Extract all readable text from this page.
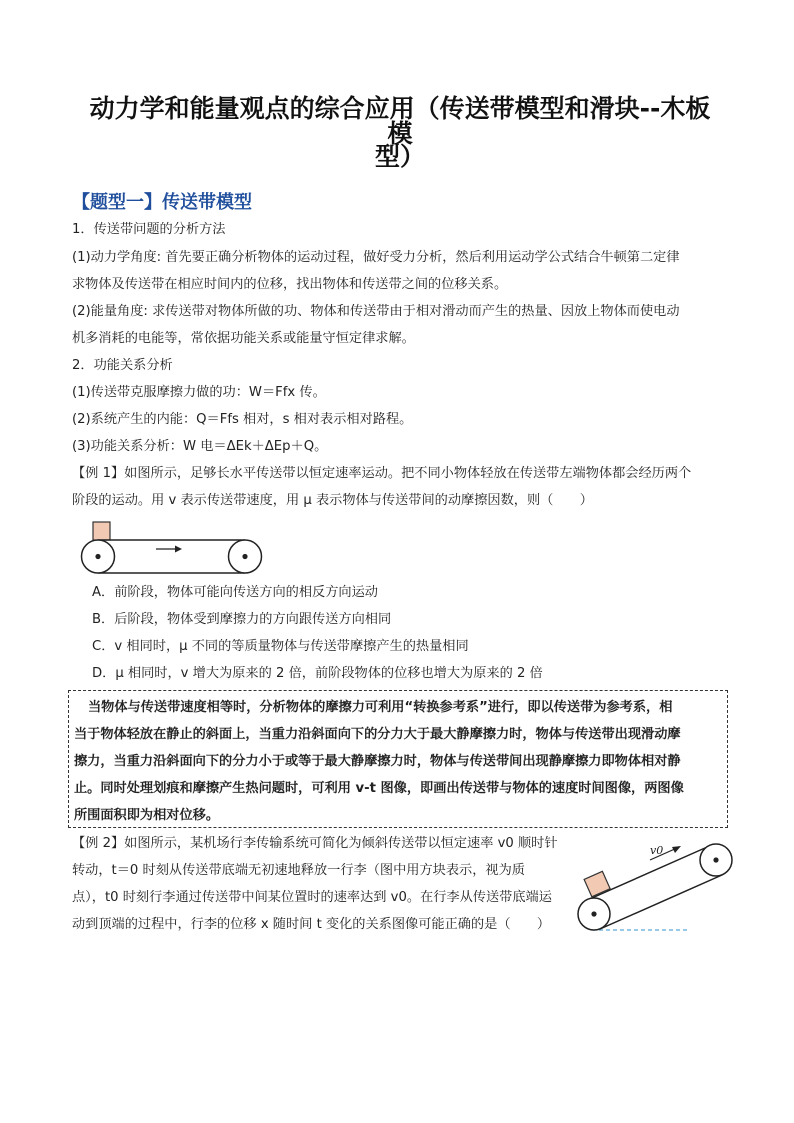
动力学和能量观点的综合应用（传送带模型和滑块--木板模
型）
【题型一】传送带模型
1．传送带问题的分析方法
(1)动力学角度: 首先要正确分析物体的运动过程，做好受力分析，然后利用运动学公式结合牛顿第二定律
求物体及传送带在相应时间内的位移，找出物体和传送带之间的位移关系。
(2)能量角度: 求传送带对物体所做的功、物体和传送带由于相对滑动而产生的热量、因放上物体而使电动
机多消耗的电能等，常依据功能关系或能量守恒定律求解。
2．功能关系分析
(1)传送带克服摩擦力做的功：W＝Ffx 传。
(2)系统产生的内能：Q＝Ffs 相对，s 相对表示相对路程。
(3)功能关系分析：W 电＝ΔEk＋ΔEp＋Q。
【例 1】如图所示，足够长水平传送带以恒定速率运动。把不同小物体轻放在传送带左端物体都会经历两个
阶段的运动。用 v 表示传送带速度，用 μ 表示物体与传送带间的动摩擦因数，则（　　）
A．前阶段，物体可能向传送方向的相反方向运动
B．后阶段，物体受到摩擦力的方向跟传送方向相同
C．v 相同时，μ 不同的等质量物体与传送带摩擦产生的热量相同
D．μ 相同时，v 增大为原来的 2 倍，前阶段物体的位移也增大为原来的 2 倍
当物体与传送带速度相等时，分析物体的摩擦力可利用“转换参考系”进行，即以传送带为参考系，相
当于物体轻放在静止的斜面上，当重力沿斜面向下的分力大于最大静摩擦力时，物体与传送带出现滑动摩
擦力，当重力沿斜面向下的分力小于或等于最大静摩擦力时，物体与传送带间出现静摩擦力即物体相对静
止。同时处理划痕和摩擦产生热问题时，可利用 v-t 图像，即画出传送带与物体的速度时间图像，两图像
所围面积即为相对位移。
【例 2】如图所示，某机场行李传输系统可简化为倾斜传送带以恒定速率 v0 顺时针
转动，t＝0 时刻从传送带底端无初速地释放一行李（图中用方块表示，视为质
点），t0 时刻行李通过传送带中间某位置时的速率达到 v0。在行李从传送带底端运
动到顶端的过程中，行李的位移 x 随时间 t 变化的关系图像可能正确的是（　　）
v0
